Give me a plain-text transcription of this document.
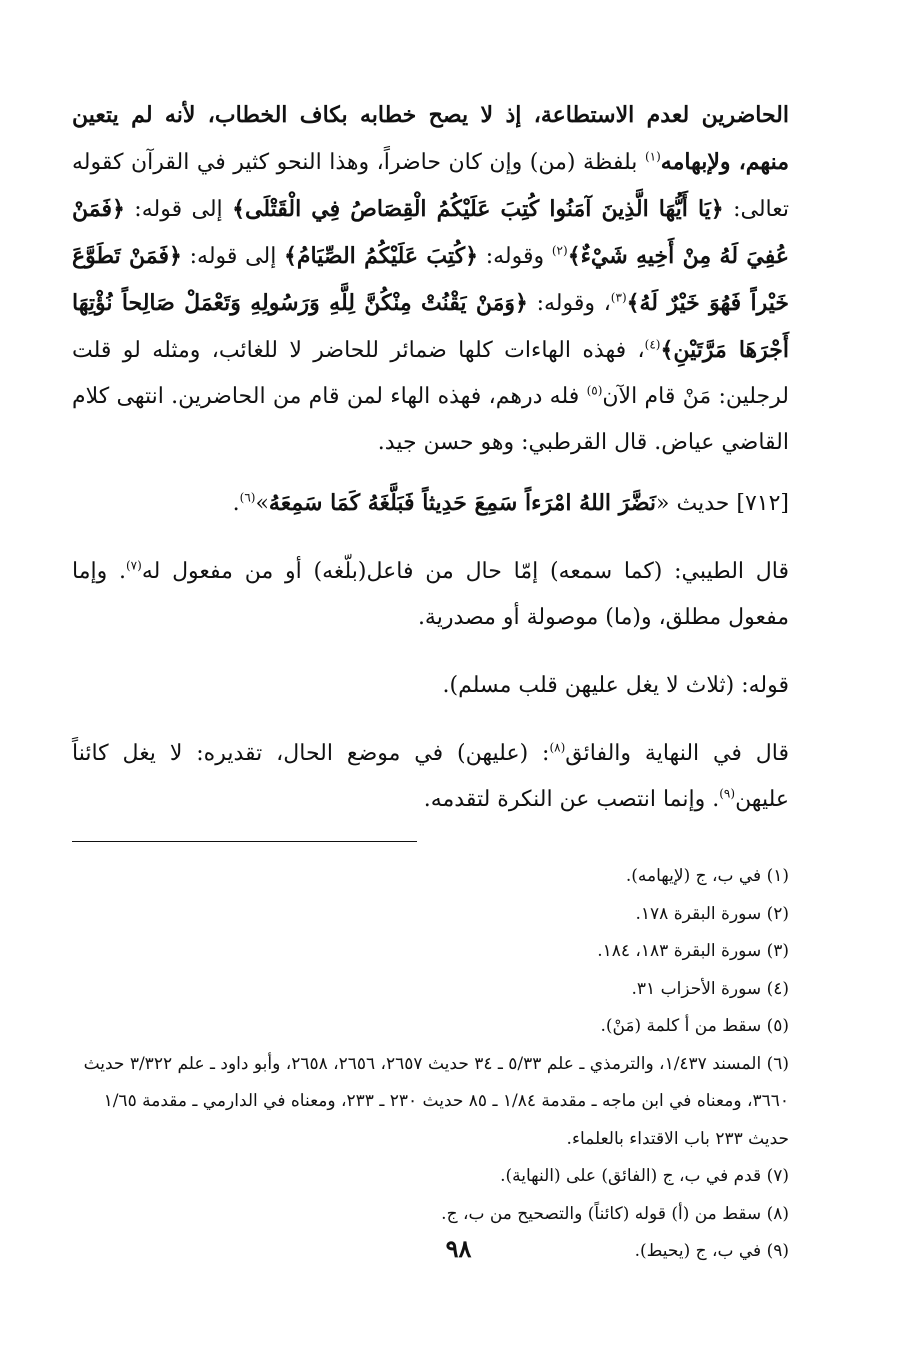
الحاضرين لعدم الاستطاعة، إذ لا يصح خطابه بكاف الخطاب، لأنه لم يتعين منهم، ولإبهامه$^{(١)}$ بلفظة (من) وإن كان حاضراً، وهذا النحو كثير في القرآن كقوله تعالى: ﴿يَا أَيُّهَا الَّذِينَ آمَنُوا كُتِبَ عَلَيْكُمُ الْقِصَاصُ فِي الْقَتْلَى﴾ إلى قوله: ﴿فَمَنْ عُفِيَ لَهُ مِنْ أَخِيهِ شَيْءٌ﴾$^{(٢)}$ وقوله: ﴿كُتِبَ عَلَيْكُمُ الصِّيَامُ﴾ إلى قوله: ﴿فَمَنْ تَطَوَّعَ خَيْراً فَهُوَ خَيْرٌ لَهُ﴾$^{(٣)}$، وقوله: ﴿وَمَنْ يَقْنُتْ مِنْكُنَّ لِلَّهِ وَرَسُولِهِ وَتَعْمَلْ صَالِحاً نُؤْتِهَا أَجْرَهَا مَرَّتَيْنِ﴾$^{(٤)}$، فهذه الهاءات كلها ضمائر للحاضر لا للغائب، ومثله لو قلت لرجلين: مَنْ قام الآن$^{(٥)}$ فله درهم، فهذه الهاء لمن قام من الحاضرين. انتهى كلام القاضي عياض. قال القرطبي: وهو حسن جيد.

[٧١٢] حديث «نَضَّرَ اللهُ امْرَءاً سَمِعَ حَدِيثاً فَبَلَّغَهُ كَمَا سَمِعَهُ»$^{(٦)}$.

قال الطيبي: (كما سمعه) إمّا حال من فاعل(بلّغه) أو من مفعول له$^{(٧)}$. وإما مفعول مطلق، و(ما) موصولة أو مصدرية.

قوله: (ثلاث لا يغل عليهن قلب مسلم).

قال في النهاية والفائق$^{(٨)}$: (عليهن) في موضع الحال، تقديره: لا يغل كائناً عليهن$^{(٩)}$. وإنما انتصب عن النكرة لتقدمه.

(١) في ب، ج (لإيهامه).

(٢) سورة البقرة ١٧٨.

(٣) سورة البقرة ١٨٣، ١٨٤.

(٤) سورة الأحزاب ٣١.

(٥) سقط من أ كلمة (مَنْ).

(٦) المسند ١/٤٣٧، والترمذي ـ علم ٥/٣٣ ـ ٣٤ حديث ٢٦٥٧، ٢٦٥٦، ٢٦٥٨، وأبو داود ـ علم ٣/٣٢٢ حديث ٣٦٦٠، ومعناه في ابن ماجه ـ مقدمة ١/٨٤ ـ ٨٥ حديث ٢٣٠ ـ ٢٣٣، ومعناه في الدارمي ـ مقدمة ١/٦٥ حديث ٢٣٣ باب الاقتداء بالعلماء.

(٧) قدم في ب، ج (الفائق) على (النهاية).

(٨) سقط من (أ) قوله (كائناً) والتصحيح من ب، ج.

(٩) في ب، ج (يحيط).

٩٨
